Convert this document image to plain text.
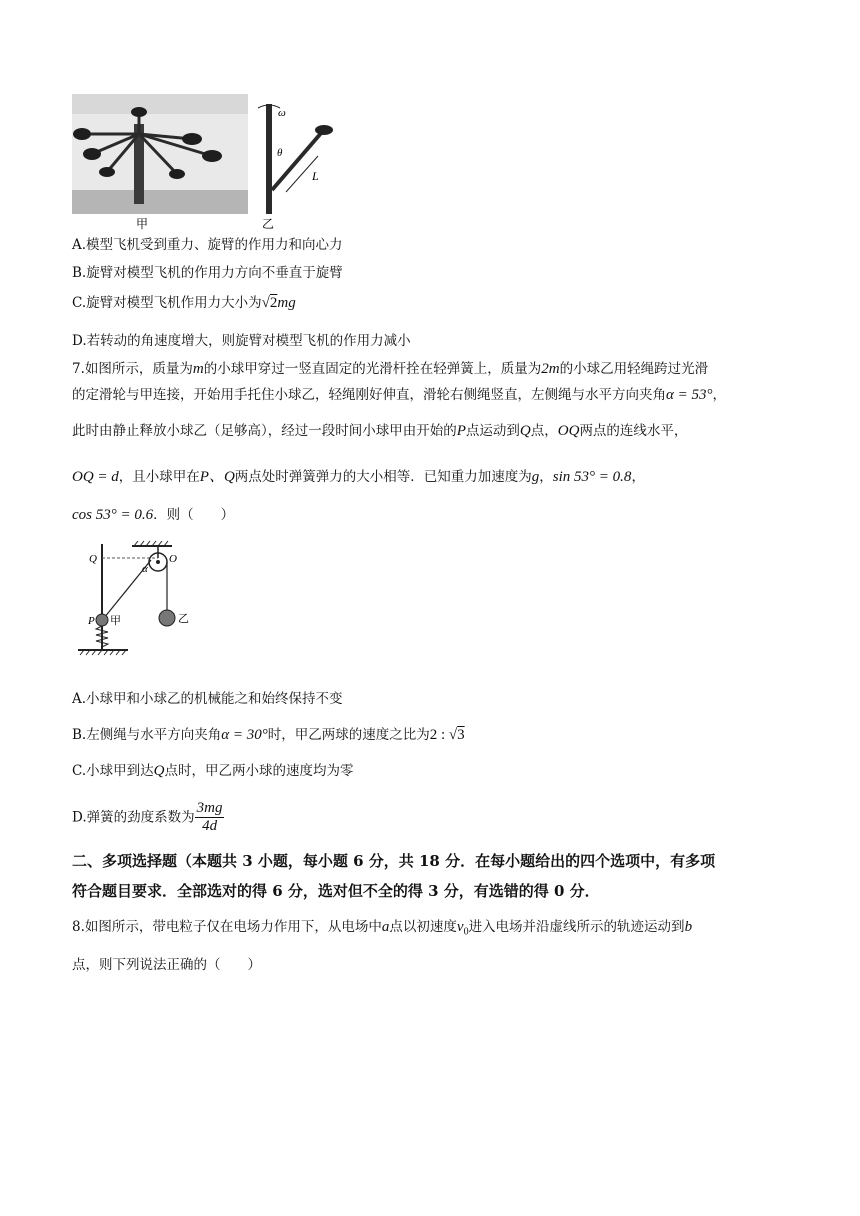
甲
ω
θ
L
乙
A.模型飞机受到重力、旋臂的作用力和向心力
B.旋臂对模型飞机的作用力方向不垂直于旋臂
C.旋臂对模型飞机作用力大小为√2mg
D.若转动的角速度增大，则旋臂对模型飞机的作用力减小
7.如图所示，质量为m的小球甲穿过一竖直固定的光滑杆拴在轻弹簧上，质量为2m的小球乙用轻绳跨过光滑
的定滑轮与甲连接，开始用手托住小球乙，轻绳刚好伸直，滑轮右侧绳竖直，左侧绳与水平方向夹角α = 53°，
此时由静止释放小球乙（足够高），经过一段时间小球甲由开始的P点运动到Q点，OQ两点的连线水平，
OQ = d，且小球甲在P、Q两点处时弹簧弹力的大小相等．已知重力加速度为g，sin 53° = 0.8，
cos 53° = 0.6．则（　　）
Q
α
O
P 甲	乙
A.小球甲和小球乙的机械能之和始终保持不变
B.左侧绳与水平方向夹角α = 30°时，甲乙两球的速度之比为2 : √3
C.小球甲到达Q点时，甲乙两小球的速度均为零
D.弹簧的劲度系数为 $\frac{3mg}{4d}$
二、多项选择题（本题共 3 小题，每小题 6 分，共 18 分．在每小题给出的四个选项中，有多项
符合题目要求．全部选对的得 6 分，选对但不全的得 3 分，有选错的得 0 分．
8.如图所示，带电粒子仅在电场力作用下，从电场中a点以初速度$v_0$进入电场并沿虚线所示的轨迹运动到b
点，则下列说法正确的（　　）
